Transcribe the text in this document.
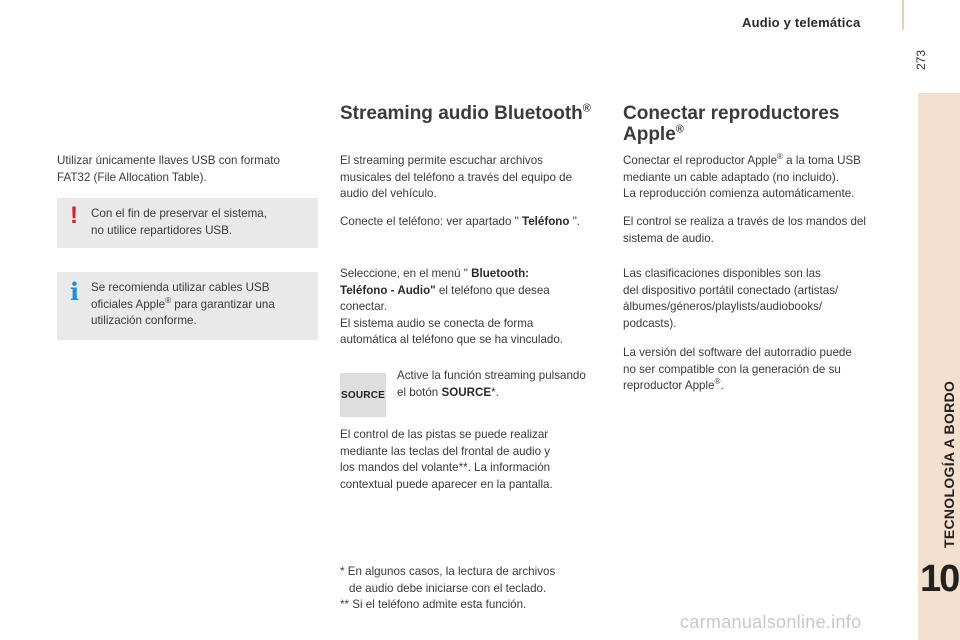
Audio y telemática
273
TECNOLOGÍA A BORDO
10
Utilizar únicamente llaves USB con formato
FAT32 (File Allocation Table).
! Con el fin de preservar el sistema,
no utilice repartidores USB.
i Se recomienda utilizar cables USB
oficiales Apple® para garantizar una
utilización conforme.
Streaming audio Bluetooth®
El streaming permite escuchar archivos
musicales del teléfono a través del equipo de
audio del vehículo.
Conecte el teléfono: ver apartado " Teléfono ".
Seleccione, en el menú " Bluetooth:
Teléfono - Audio" el teléfono que desea
conectar.
El sistema audio se conecta de forma
automática al teléfono que se ha vinculado.
SOURCE
Active la función streaming pulsando
el botón SOURCE*.
El control de las pistas se puede realizar
mediante las teclas del frontal de audio y
los mandos del volante**. La información
contextual puede aparecer en la pantalla.
* En algunos casos, la lectura de archivos
de audio debe iniciarse con el teclado.
** Si el teléfono admite esta función.
Conectar reproductores
Apple®
Conectar el reproductor Apple® a la toma USB
mediante un cable adaptado (no incluido).
La reproducción comienza automáticamente.
El control se realiza a través de los mandos del
sistema de audio.
Las clasificaciones disponibles son las
del dispositivo portátil conectado (artistas/
álbumes/géneros/playlists/audiobooks/
podcasts).
La versión del software del autorradio puede
no ser compatible con la generación de su
reproductor Apple®.
carmanualsonline.info
